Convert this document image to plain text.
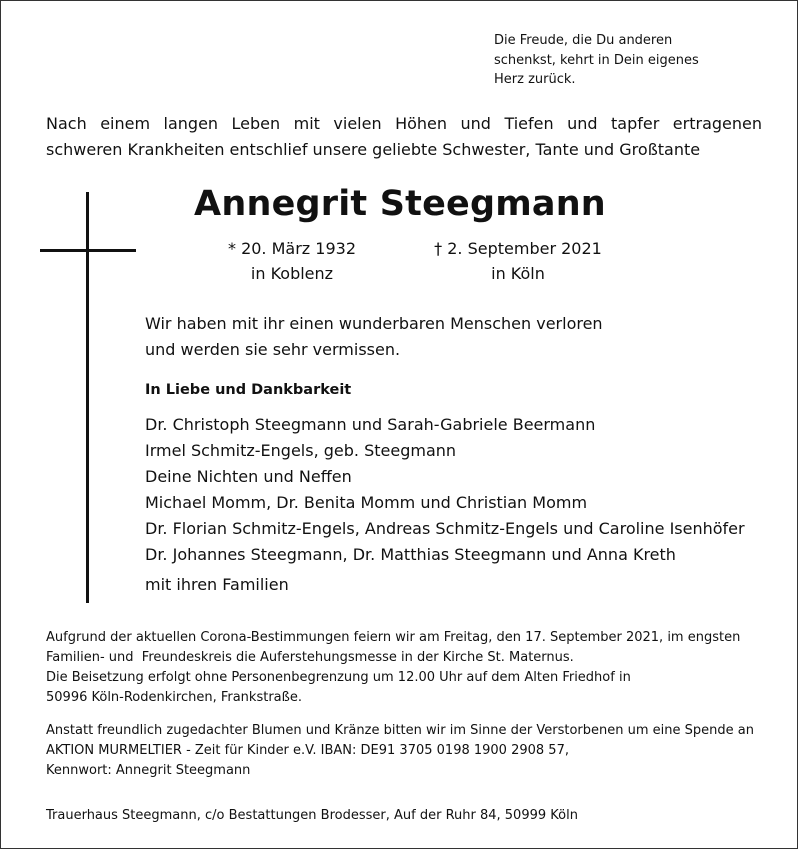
Die Freude, die Du anderen
schenkst, kehrt in Dein eigenes
Herz zurück.
Nach einem langen Leben mit vielen Höhen und Tiefen und tapfer ertragenen
schweren Krankheiten entschlief unsere geliebte Schwester, Tante und Großtante
Annegrit Steegmann
* 20. März 1932
in Koblenz
† 2. September 2021
in Köln
Wir haben mit ihr einen wunderbaren Menschen verloren
und werden sie sehr vermissen.
In Liebe und Dankbarkeit
Dr. Christoph Steegmann und Sarah-Gabriele Beermann
Irmel Schmitz-Engels, geb. Steegmann
Deine Nichten und Neffen
Michael Momm, Dr. Benita Momm und Christian Momm
Dr. Florian Schmitz-Engels, Andreas Schmitz-Engels und Caroline Isenhöfer
Dr. Johannes Steegmann, Dr. Matthias Steegmann und Anna Kreth
mit ihren Familien
Aufgrund der aktuellen Corona-Bestimmungen feiern wir am Freitag, den 17. September 2021, im engsten
Familien- und  Freundeskreis die Auferstehungsmesse in der Kirche St. Maternus.
Die Beisetzung erfolgt ohne Personenbegrenzung um 12.00 Uhr auf dem Alten Friedhof in
50996 Köln-Rodenkirchen, Frankstraße.
Anstatt freundlich zugedachter Blumen und Kränze bitten wir im Sinne der Verstorbenen um eine Spende an
AKTION MURMELTIER - Zeit für Kinder e.V. IBAN: DE91 3705 0198 1900 2908 57,
Kennwort: Annegrit Steegmann
Trauerhaus Steegmann, c/o Bestattungen Brodesser, Auf der Ruhr 84, 50999 Köln
